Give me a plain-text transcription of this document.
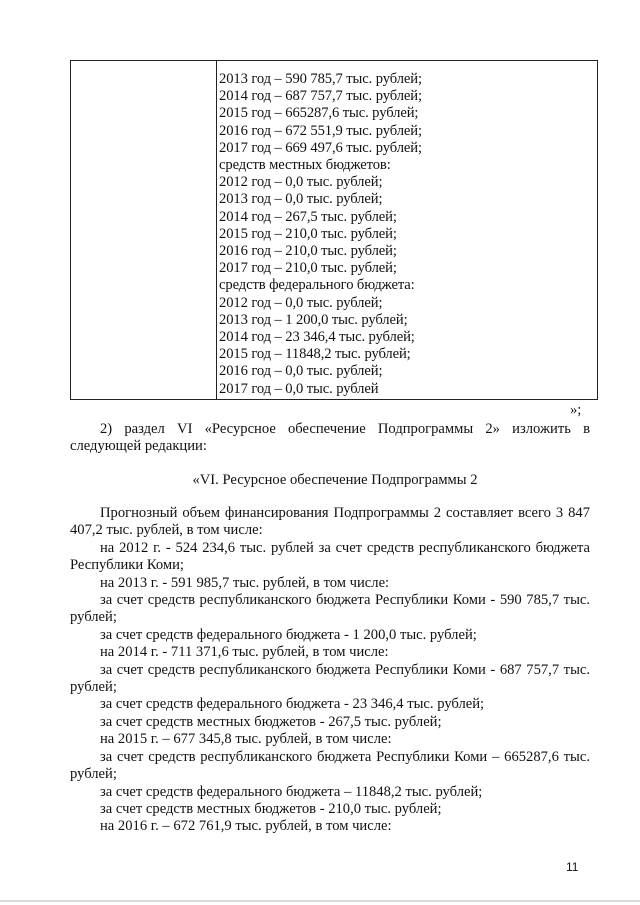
2013 год – 590 785,7 тыс. рублей;
2014 год – 687 757,7 тыс. рублей;
2015 год – 665287,6 тыс. рублей;
2016 год – 672 551,9 тыс. рублей;
2017 год – 669 497,6 тыс. рублей;
средств местных бюджетов:
2012 год – 0,0 тыс. рублей;
2013 год – 0,0 тыс. рублей;
2014 год – 267,5 тыс. рублей;
2015 год – 210,0 тыс. рублей;
2016 год – 210,0 тыс. рублей;
2017 год – 210,0 тыс. рублей;
средств федерального бюджета:
2012 год – 0,0 тыс. рублей;
2013 год – 1 200,0 тыс. рублей;
2014 год – 23 346,4 тыс. рублей;
2015 год – 11848,2 тыс. рублей;
2016 год – 0,0 тыс. рублей;
2017 год – 0,0 тыс. рублей
»;

2) раздел VI «Ресурсное обеспечение Подпрограммы 2» изложить в следующей редакции:

«VI. Ресурсное обеспечение Подпрограммы 2

Прогнозный объем финансирования Подпрограммы 2 составляет всего 3 847 407,2 тыс. рублей, в том числе:

на 2012 г. - 524 234,6 тыс. рублей за счет средств республиканского бюджета Республики Коми;

на 2013 г. - 591 985,7 тыс. рублей, в том числе:

за счет средств республиканского бюджета Республики Коми - 590 785,7 тыс. рублей;

за счет средств федерального бюджета - 1 200,0 тыс. рублей;

на 2014 г. - 711 371,6 тыс. рублей, в том числе:

за счет средств республиканского бюджета Республики Коми - 687 757,7 тыс. рублей;

за счет средств федерального бюджета - 23 346,4 тыс. рублей;

за счет средств местных бюджетов - 267,5 тыс. рублей;

на 2015 г. – 677 345,8 тыс. рублей, в том числе:

за счет средств республиканского бюджета Республики Коми – 665287,6 тыс. рублей;

за счет средств федерального бюджета – 11848,2 тыс. рублей;

за счет средств местных бюджетов - 210,0 тыс. рублей;

на 2016 г. – 672 761,9 тыс. рублей, в том числе:

11
